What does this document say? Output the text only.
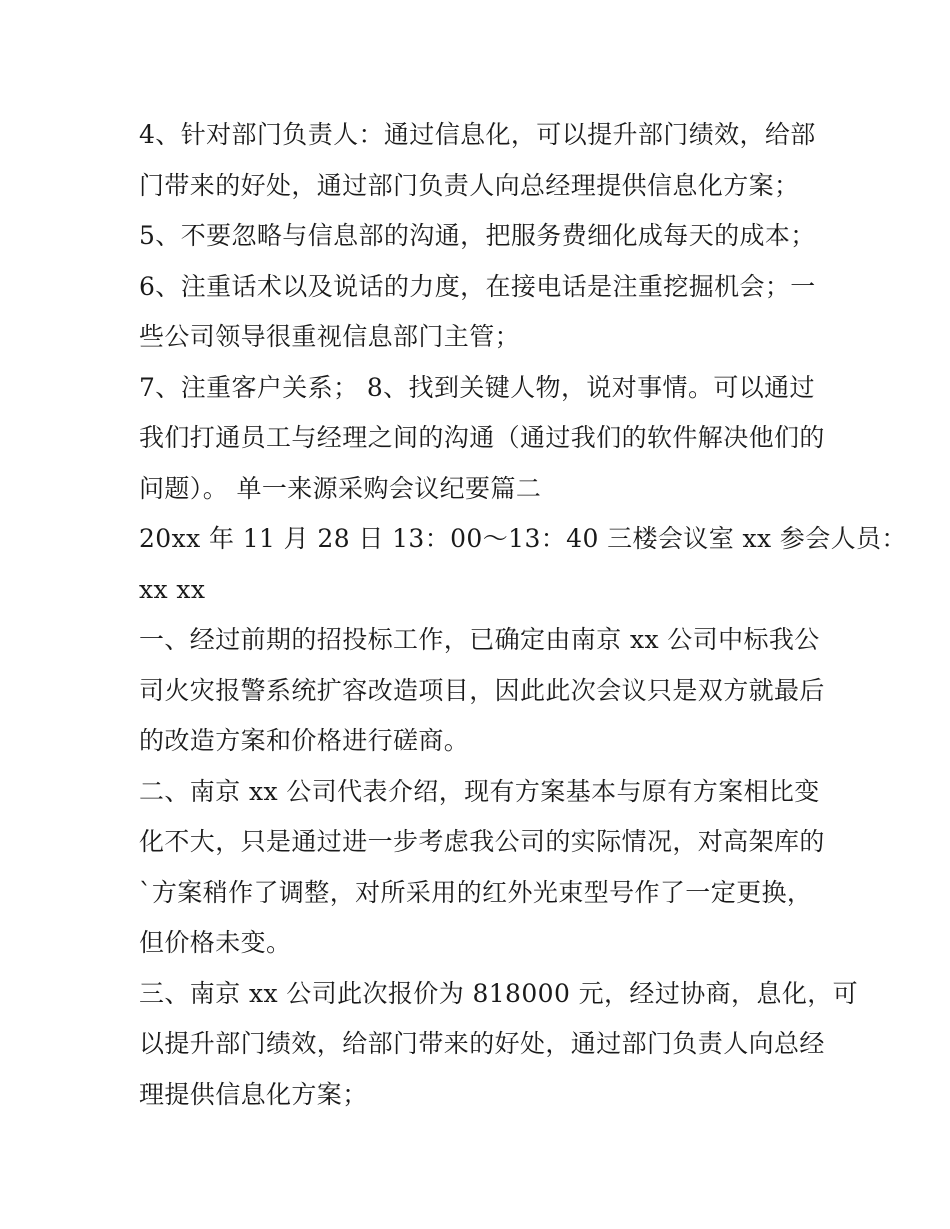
4、针对部门负责人：通过信息化，可以提升部门绩效，给部
门带来的好处，通过部门负责人向总经理提供信息化方案；
5、不要忽略与信息部的沟通，把服务费细化成每天的成本；
6、注重话术以及说话的力度，在接电话是注重挖掘机会；一
些公司领导很重视信息部门主管；
7、注重客户关系； 8、找到关键人物，说对事情。可以通过
我们打通员工与经理之间的沟通（通过我们的软件解决他们的
问题）。 单一来源采购会议纪要篇二
20xx 年 11 月 28 日 13：00～13：40 三楼会议室 xx 参会人员：
xx xx
一、经过前期的招投标工作，已确定由南京 xx 公司中标我公
司火灾报警系统扩容改造项目，因此此次会议只是双方就最后
的改造方案和价格进行磋商。
二、南京 xx 公司代表介绍，现有方案基本与原有方案相比变
化不大，只是通过进一步考虑我公司的实际情况，对高架库的
`方案稍作了调整，对所采用的红外光束型号作了一定更换，
但价格未变。
三、南京 xx 公司此次报价为 818000 元，经过协商，息化，可
以提升部门绩效，给部门带来的好处，通过部门负责人向总经
理提供信息化方案；
